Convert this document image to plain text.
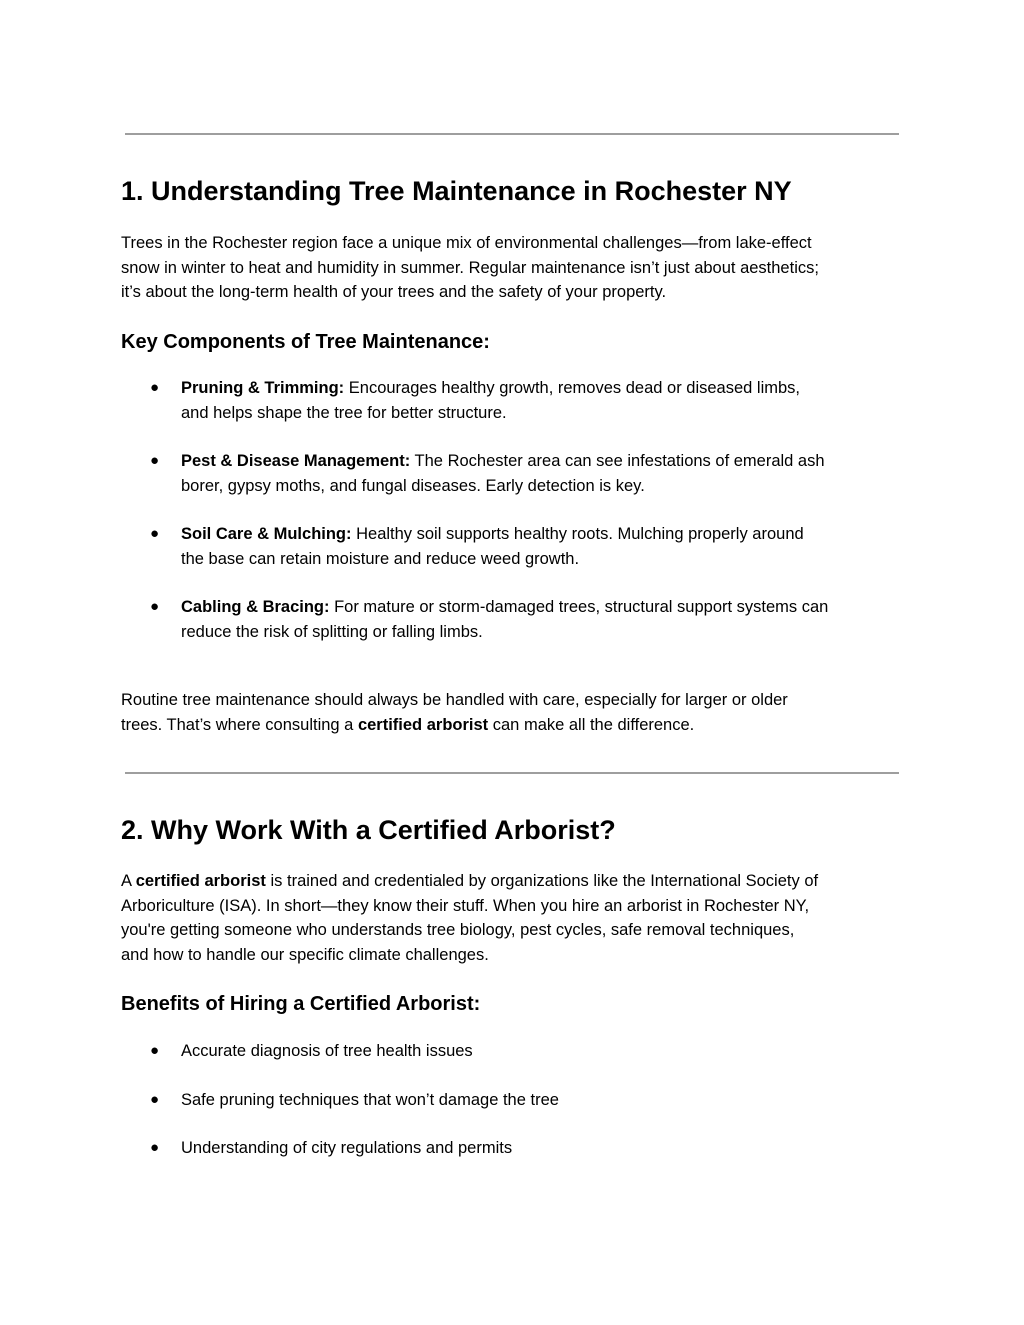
1. Understanding Tree Maintenance in Rochester NY

Trees in the Rochester region face a unique mix of environmental challenges—from lake-effect
snow in winter to heat and humidity in summer. Regular maintenance isn’t just about aesthetics;
it’s about the long-term health of your trees and the safety of your property.

Key Components of Tree Maintenance:
● Pruning & Trimming: Encourages healthy growth, removes dead or diseased limbs,
and helps shape the tree for better structure.
● Pest & Disease Management: The Rochester area can see infestations of emerald ash
borer, gypsy moths, and fungal diseases. Early detection is key.
● Soil Care & Mulching: Healthy soil supports healthy roots. Mulching properly around
the base can retain moisture and reduce weed growth.
● Cabling & Bracing: For mature or storm-damaged trees, structural support systems can
reduce the risk of splitting or falling limbs.

Routine tree maintenance should always be handled with care, especially for larger or older
trees. That’s where consulting a certified arborist can make all the difference.

2. Why Work With a Certified Arborist?

A certified arborist is trained and credentialed by organizations like the International Society of
Arboriculture (ISA). In short—they know their stuff. When you hire an arborist in Rochester NY,
you're getting someone who understands tree biology, pest cycles, safe removal techniques,
and how to handle our specific climate challenges.

Benefits of Hiring a Certified Arborist:
● Accurate diagnosis of tree health issues
● Safe pruning techniques that won’t damage the tree
● Understanding of city regulations and permits
